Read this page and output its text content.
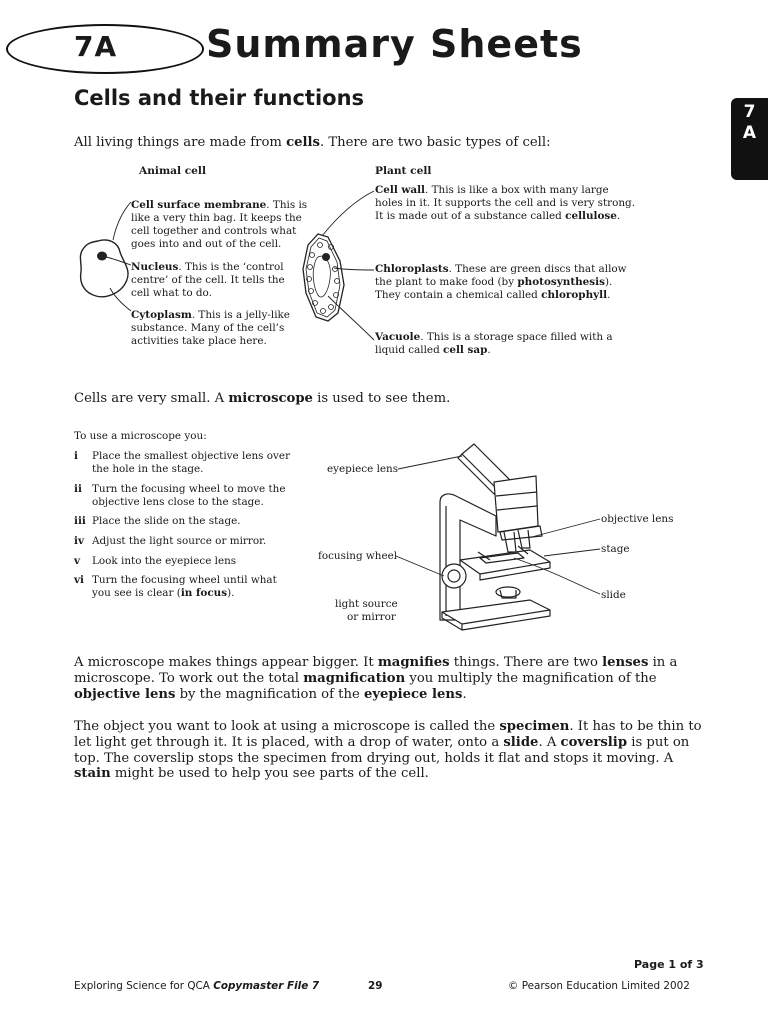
7A Summary Sheets
Cells and their functions
7 A
All living things are made from cells. There are two basic types of cell:
Animal cell	Plant cell
Cell surface membrane. This is like a very thin bag. It keeps the cell together and controls what goes into and out of the cell.
Nucleus. This is the ‘control centre’ of the cell. It tells the cell what to do.
Cytoplasm. This is a jelly-like substance. Many of the cell’s activities take place here.
Cell wall. This is like a box with many large holes in it. It supports the cell and is very strong. It is made out of a substance called cellulose.
Chloroplasts. These are green discs that allow the plant to make food (by photosynthesis). They contain a chemical called chlorophyll.
Vacuole. This is a storage space filled with a liquid called cell sap.
Cells are very small. A microscope is used to see them.
To use a microscope you:
i Place the smallest objective lens over the hole in the stage.
ii Turn the focusing wheel to move the objective lens close to the stage.
iii Place the slide on the stage.
iv Adjust the light source or mirror.
v Look into the eyepiece lens
vi Turn the focusing wheel until what you see is clear (in focus).
eyepiece lens
objective lens
stage
focusing wheel
slide
light source
or mirror
A microscope makes things appear bigger. It magnifies things. There are two lenses in a microscope. To work out the total magnification you multiply the magnification of the objective lens by the magnification of the eyepiece lens.
The object you want to look at using a microscope is called the specimen. It has to be thin to let light get through it. It is placed, with a drop of water, onto a slide. A coverslip is put on top. The coverslip stops the specimen from drying out, holds it flat and stops it moving. A stain might be used to help you see parts of the cell.
Page 1 of 3
Exploring Science for QCA Copymaster File 7	29	© Pearson Education Limited 2002
